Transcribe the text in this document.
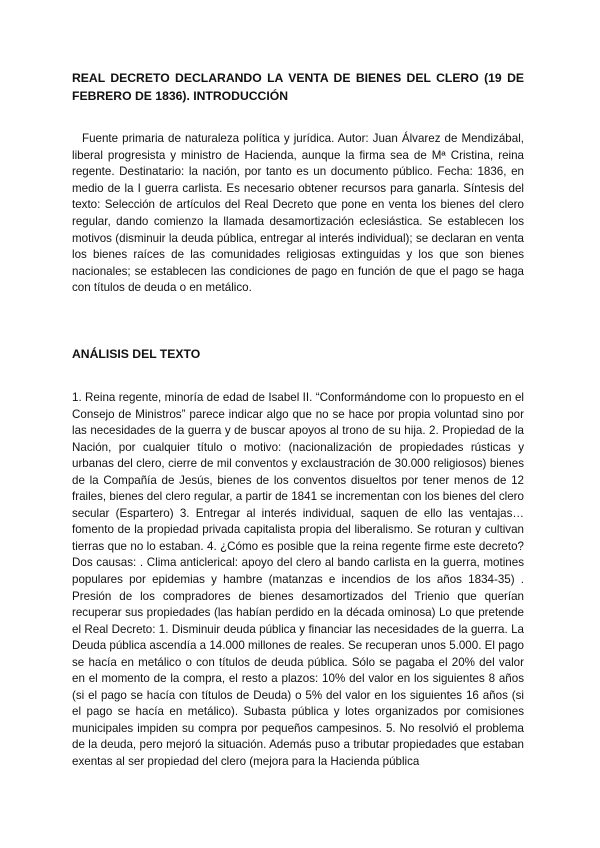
REAL DECRETO DECLARANDO LA VENTA DE BIENES DEL CLERO (19 DE FEBRERO DE 1836). INTRODUCCIÓN

Fuente primaria de naturaleza política y jurídica. Autor: Juan Álvarez de Mendizábal, liberal progresista y ministro de Hacienda, aunque la firma sea de Mª Cristina, reina regente. Destinatario: la nación, por tanto es un documento público. Fecha: 1836, en medio de la I guerra carlista. Es necesario obtener recursos para ganarla. Síntesis del texto: Selección de artículos del Real Decreto que pone en venta los bienes del clero regular, dando comienzo la llamada desamortización eclesiástica. Se establecen los motivos (disminuir la deuda pública, entregar al interés individual); se declaran en venta los bienes raíces de las comunidades religiosas extinguidas y los que son bienes nacionales; se establecen las condiciones de pago en función de que el pago se haga con títulos de deuda o en metálico.

ANÁLISIS DEL TEXTO

1. Reina regente, minoría de edad de Isabel II. “Conformándome con lo propuesto en el Consejo de Ministros” parece indicar algo que no se hace por propia voluntad sino por las necesidades de la guerra y de buscar apoyos al trono de su hija. 2. Propiedad de la Nación, por cualquier título o motivo: (nacionalización de propiedades rústicas y urbanas del clero, cierre de mil conventos y exclaustración de 30.000 religiosos) bienes de la Compañía de Jesús, bienes de los conventos disueltos por tener menos de 12 frailes, bienes del clero regular, a partir de 1841 se incrementan con los bienes del clero secular (Espartero) 3. Entregar al interés individual, saquen de ello las ventajas… fomento de la propiedad privada capitalista propia del liberalismo. Se roturan y cultivan tierras que no lo estaban. 4. ¿Cómo es posible que la reina regente firme este decreto? Dos causas: . Clima anticlerical: apoyo del clero al bando carlista en la guerra, motines populares por epidemias y hambre (matanzas e incendios de los años 1834-35) . Presión de los compradores de bienes desamortizados del Trienio que querían recuperar sus propiedades (las habían perdido en la década ominosa) Lo que pretende el Real Decreto: 1. Disminuir deuda pública y financiar las necesidades de la guerra. La Deuda pública ascendía a 14.000 millones de reales. Se recuperan unos 5.000. El pago se hacía en metálico o con títulos de deuda pública. Sólo se pagaba el 20% del valor en el momento de la compra, el resto a plazos: 10% del valor en los siguientes 8 años (si el pago se hacía con títulos de Deuda) o 5% del valor en los siguientes 16 años (si el pago se hacía en metálico). Subasta pública y lotes organizados por comisiones municipales impiden su compra por pequeños campesinos. 5. No resolvió el problema de la deuda, pero mejoró la situación. Además puso a tributar propiedades que estaban exentas al ser propiedad del clero (mejora para la Hacienda pública
